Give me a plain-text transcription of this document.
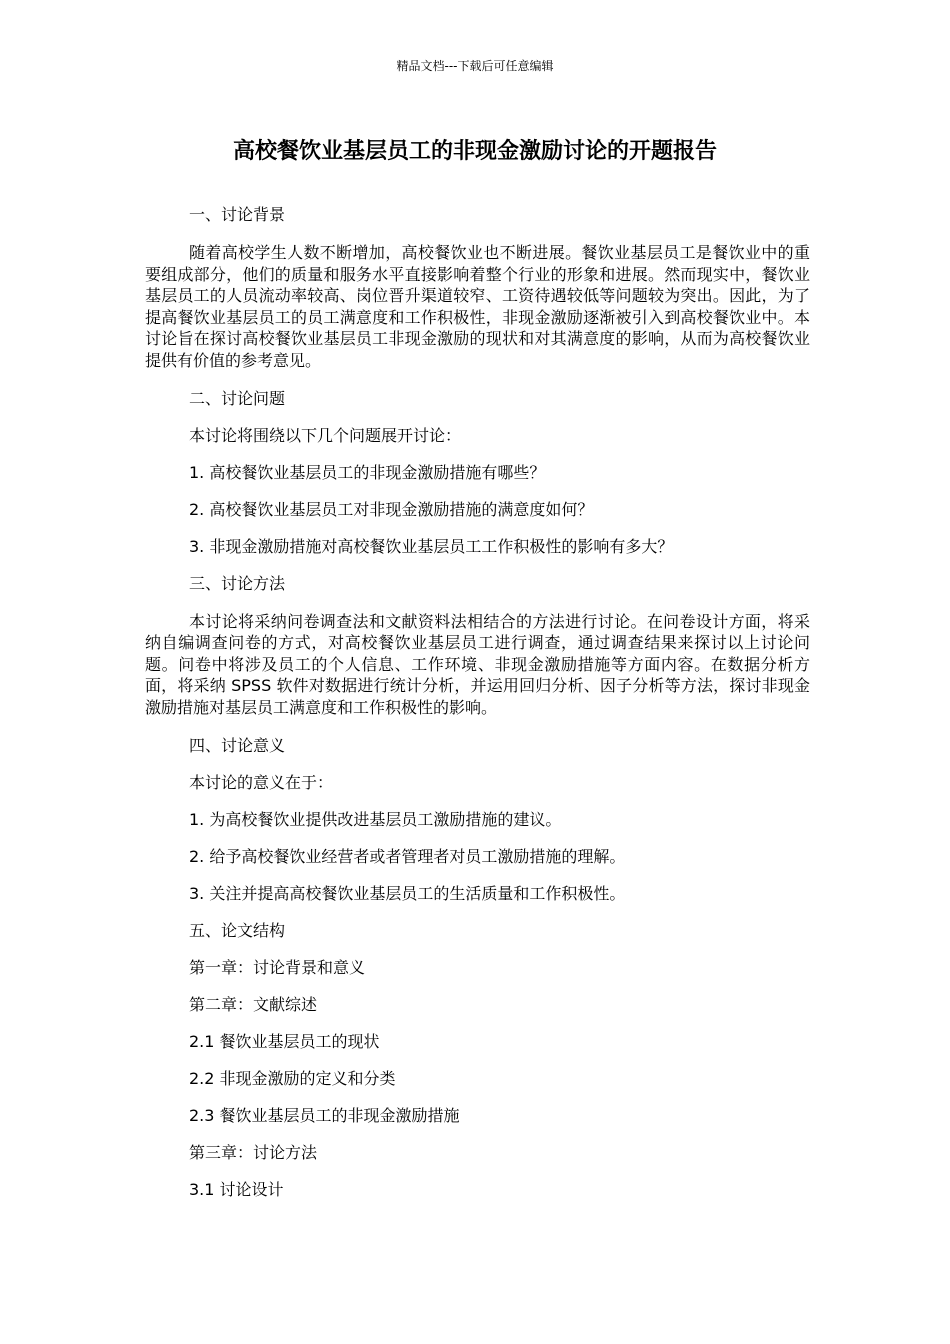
精品文档---下载后可任意编辑
高校餐饮业基层员工的非现金激励讨论的开题报告
一、讨论背景
随着高校学生人数不断增加，高校餐饮业也不断进展。餐饮业基层员工是餐饮业中的重要组成部分，他们的质量和服务水平直接影响着整个行业的形象和进展。然而现实中，餐饮业基层员工的人员流动率较高、岗位晋升渠道较窄、工资待遇较低等问题较为突出。因此，为了提高餐饮业基层员工的员工满意度和工作积极性，非现金激励逐渐被引入到高校餐饮业中。本讨论旨在探讨高校餐饮业基层员工非现金激励的现状和对其满意度的影响，从而为高校餐饮业提供有价值的参考意见。
二、讨论问题
本讨论将围绕以下几个问题展开讨论：
1. 高校餐饮业基层员工的非现金激励措施有哪些？
2. 高校餐饮业基层员工对非现金激励措施的满意度如何？
3. 非现金激励措施对高校餐饮业基层员工工作积极性的影响有多大？
三、讨论方法
本讨论将采纳问卷调查法和文献资料法相结合的方法进行讨论。在问卷设计方面，将采纳自编调查问卷的方式，对高校餐饮业基层员工进行调查，通过调查结果来探讨以上讨论问题。问卷中将涉及员工的个人信息、工作环境、非现金激励措施等方面内容。在数据分析方面，将采纳 SPSS 软件对数据进行统计分析，并运用回归分析、因子分析等方法，探讨非现金激励措施对基层员工满意度和工作积极性的影响。
四、讨论意义
本讨论的意义在于：
1. 为高校餐饮业提供改进基层员工激励措施的建议。
2. 给予高校餐饮业经营者或者管理者对员工激励措施的理解。
3. 关注并提高高校餐饮业基层员工的生活质量和工作积极性。
五、论文结构
第一章：讨论背景和意义
第二章：文献综述
2.1 餐饮业基层员工的现状
2.2 非现金激励的定义和分类
2.3 餐饮业基层员工的非现金激励措施
第三章：讨论方法
3.1 讨论设计
